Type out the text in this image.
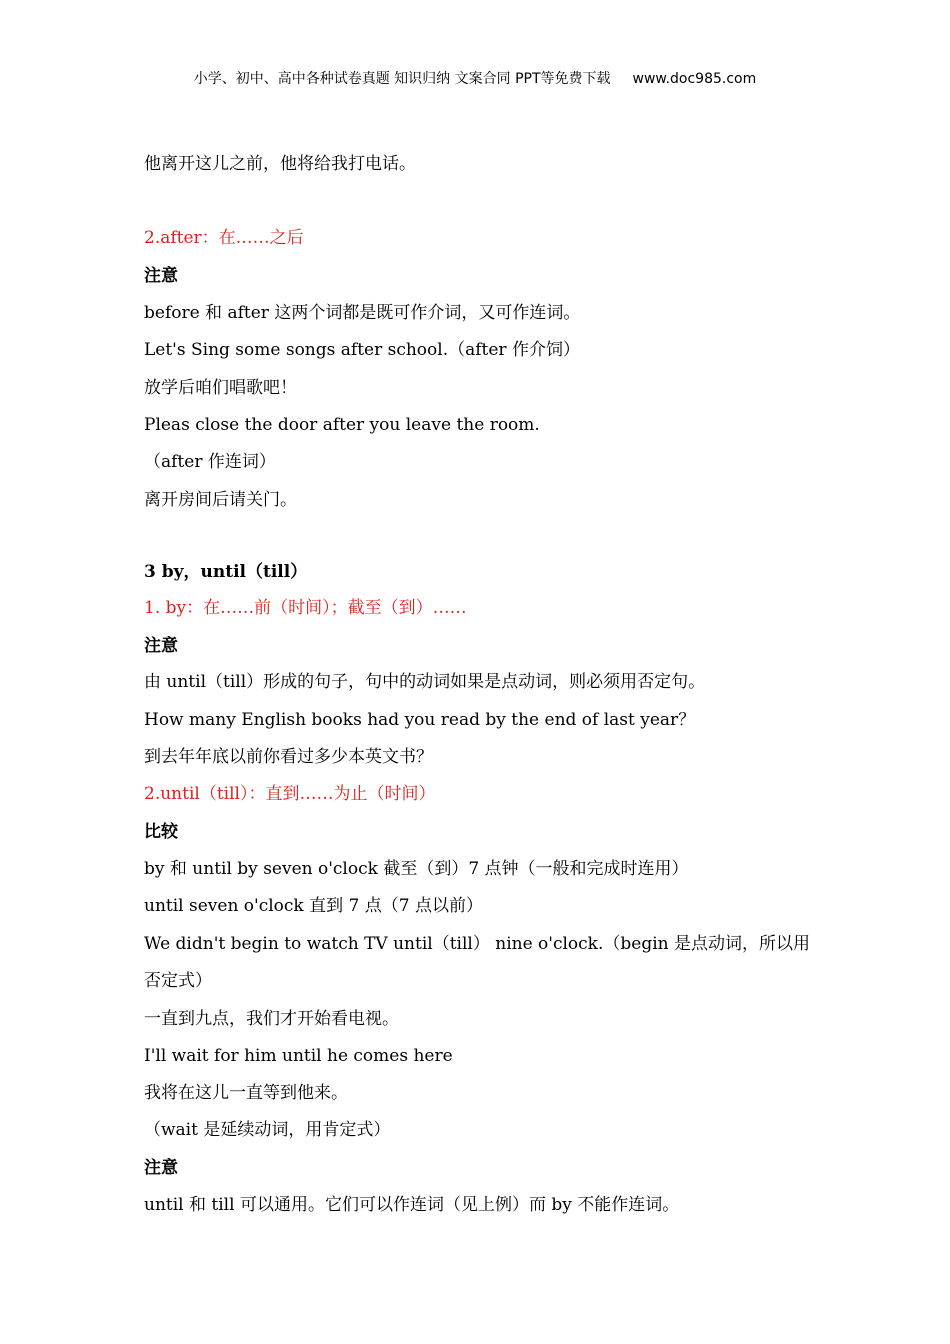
小学、初中、高中各种试卷真题 知识归纳 文案合同 PPT等免费下载 www.doc985.com
他离开这儿之前，他将给我打电话。
2.after：在……之后
注意
before 和 after 这两个词都是既可作介词，又可作连词。
Let's Sing some songs after school.（after 作介饲）
放学后咱们唱歌吧！
Pleas close the door after you leave the room.
（after 作连词）
离开房间后请关门。
3 by，until（till）
1. by：在……前（时间）；截至（到）……
注意
由 until（till）形成的句子，句中的动词如果是点动词，则必须用否定句。
How many English books had you read by the end of last year？
到去年年底以前你看过多少本英文书？
2.until（till）：直到……为止（时间）
比较
by 和 until by seven o'clock 截至（到）7 点钟（一般和完成时连用）
until seven o'clock 直到 7 点（7 点以前）
We didn't begin to watch TV until（till） nine o'clock.（begin 是点动词，所以用
否定式）
一直到九点，我们才开始看电视。
I'll wait for him until he comes here
我将在这儿一直等到他来。
（wait 是延续动词，用肯定式）
注意
until 和 till 可以通用。它们可以作连词（见上例）而 by 不能作连词。
